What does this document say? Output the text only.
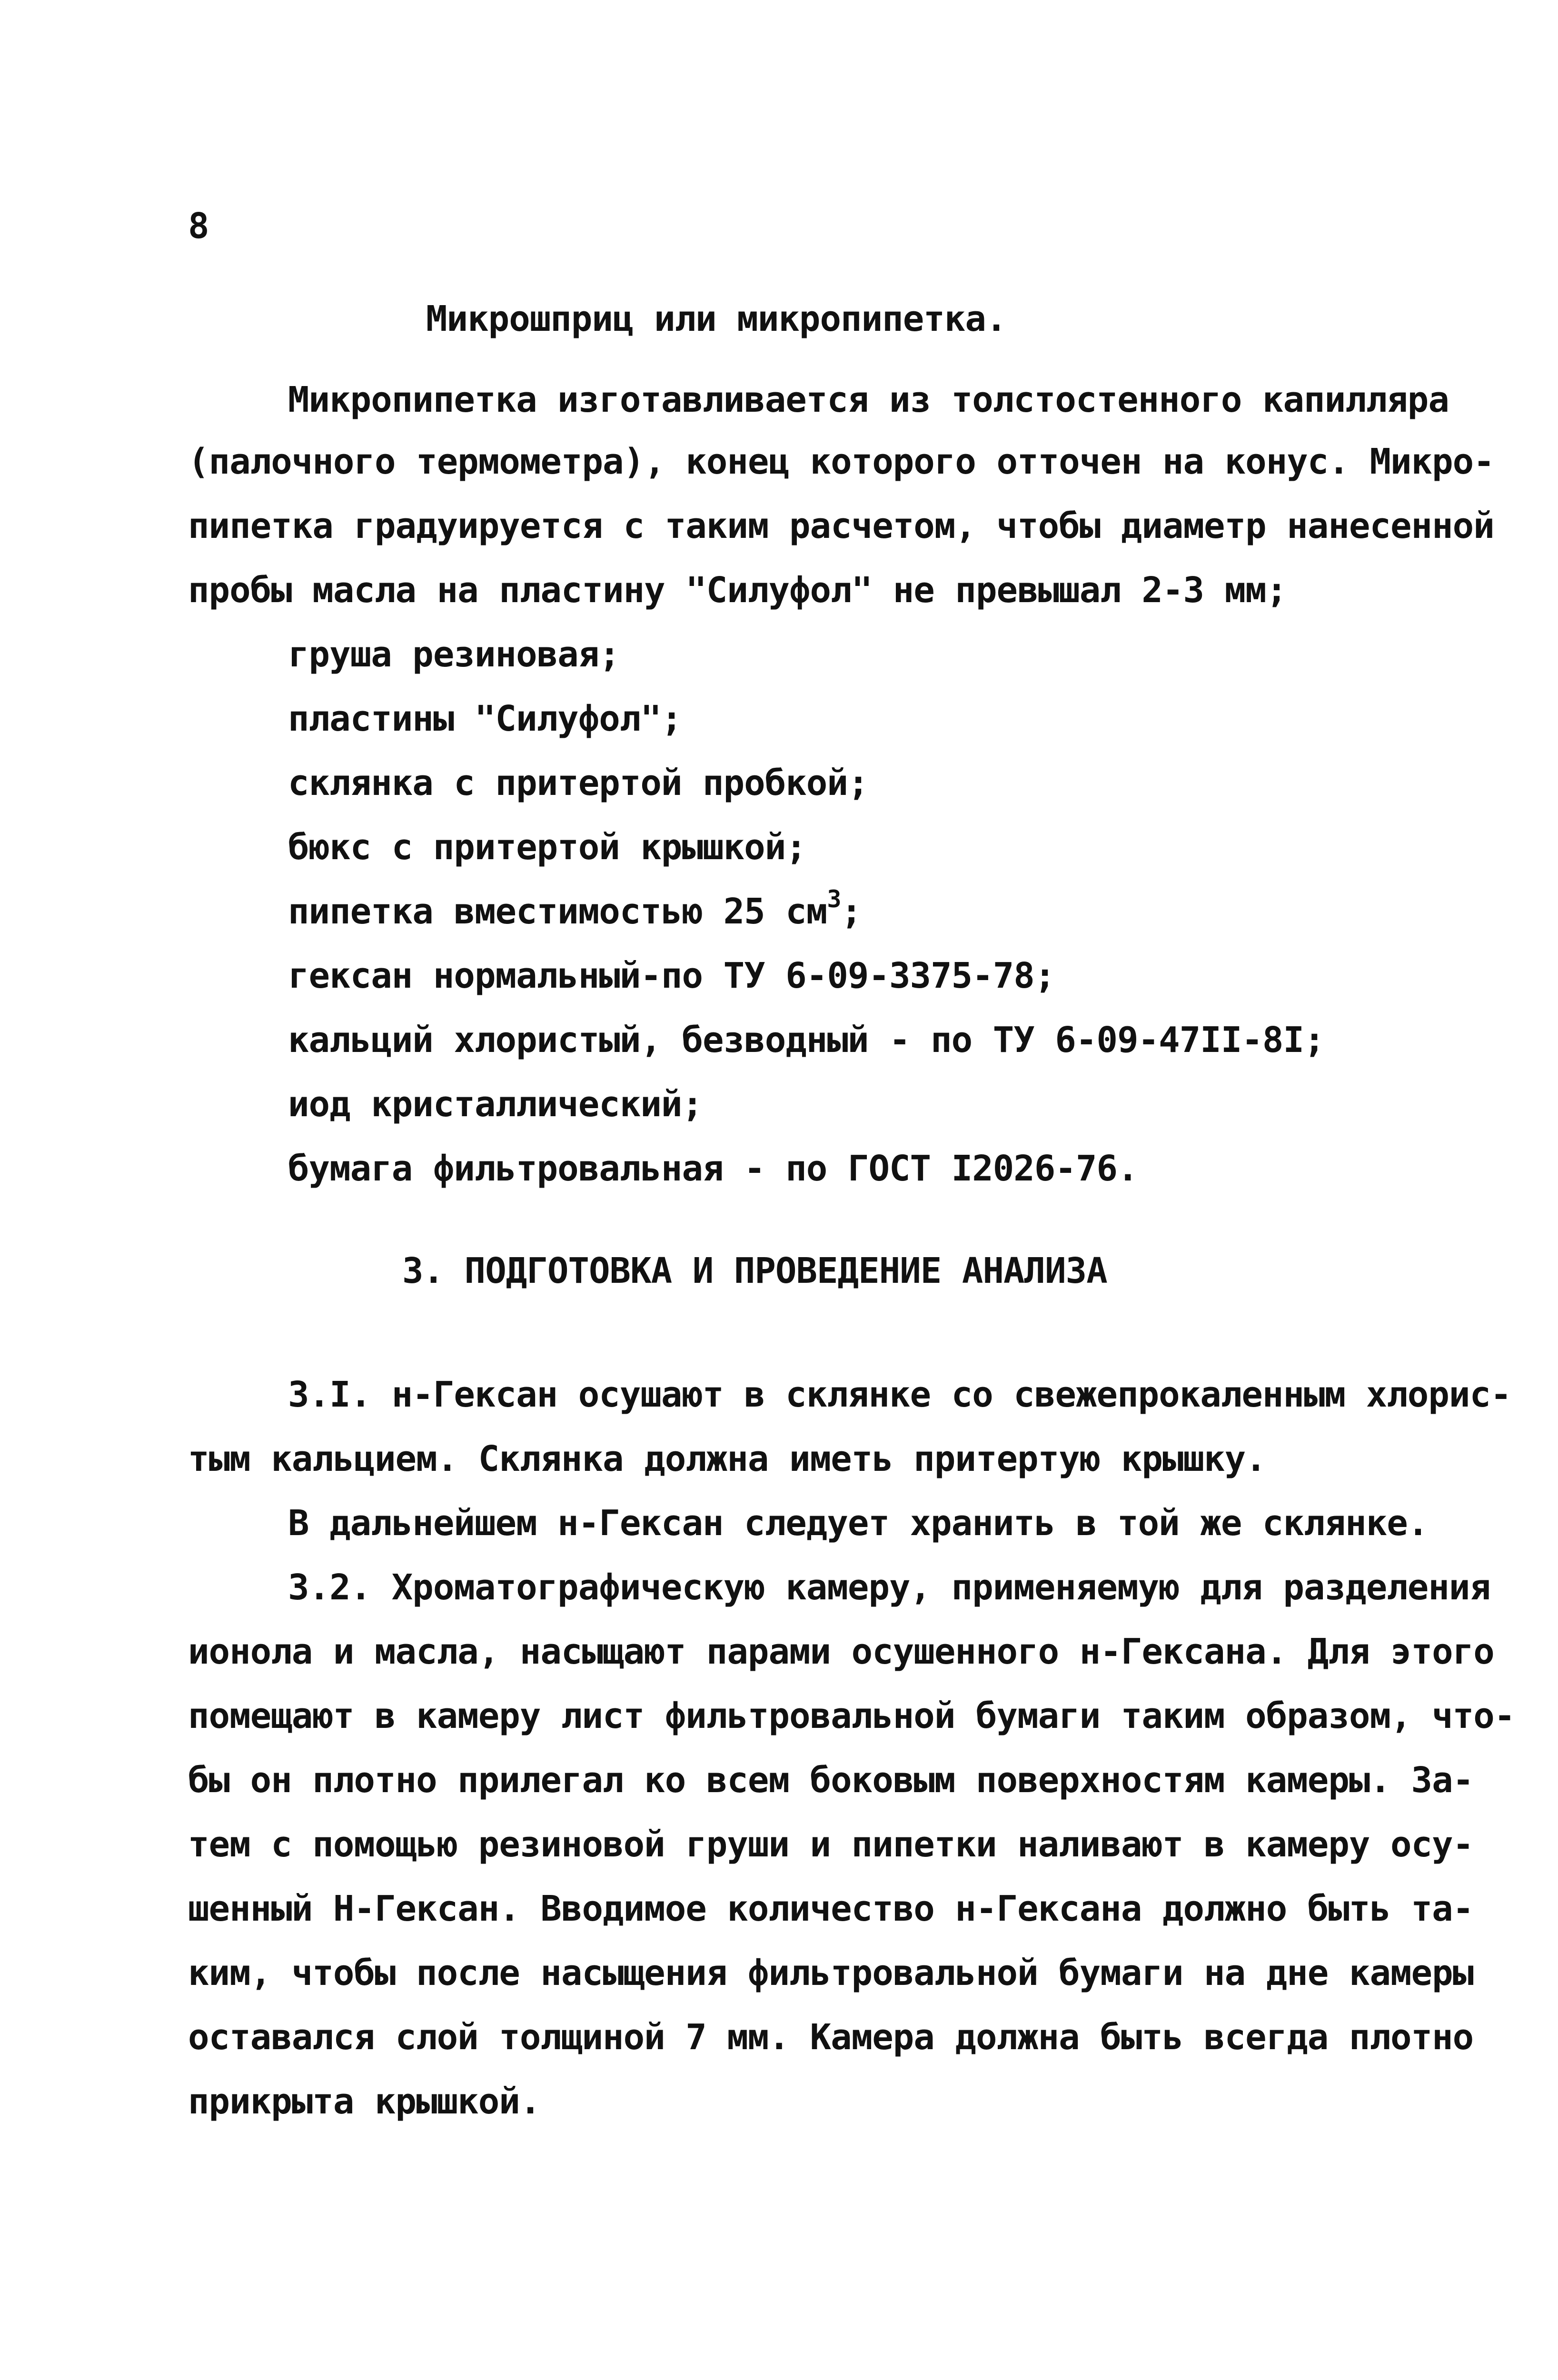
8
Микрошприц или микропипетка.
Микропипетка изготавливается из толстостенного капилляра
(палочного термометра), конец которого отточен на конус. Микро-
пипетка градуируется с таким расчетом, чтобы диаметр нанесенной
пробы масла на пластину "Силуфол" не превышал 2-3 мм;
груша резиновая;
пластины "Силуфол";
склянка с притертой пробкой;
бюкс с притертой крышкой;
пипетка вместимостью 25 $см^3$;
гексан нормальный-по ТУ 6-09-3375-78;
кальций хлористый, безводный - по ТУ 6-09-47II-8I;
иод кристаллический;
бумага фильтровальная - по ГОСТ I2026-76.
3. ПОДГОТОВКА И ПРОВЕДЕНИЕ АНАЛИЗА
3.I. н-Гексан осушают в склянке со свежепрокаленным хлорис-
тым кальцием. Склянка должна иметь притертую крышку.
В дальнейшем н-Гексан следует хранить в той же склянке.
3.2. Хроматографическую камеру, применяемую для разделения
ионола и масла, насыщают парами осушенного н-Гексана. Для этого
помещают в камеру лист фильтровальной бумаги таким образом, что-
бы он плотно прилегал ко всем боковым поверхностям камеры. За-
тем с помощью резиновой груши и пипетки наливают в камеру осу-
шенный Н-Гексан. Вводимое количество н-Гексана должно быть та-
ким, чтобы после насыщения фильтровальной бумаги на дне камеры
оставался слой толщиной 7 мм. Камера должна быть всегда плотно
прикрыта крышкой.
